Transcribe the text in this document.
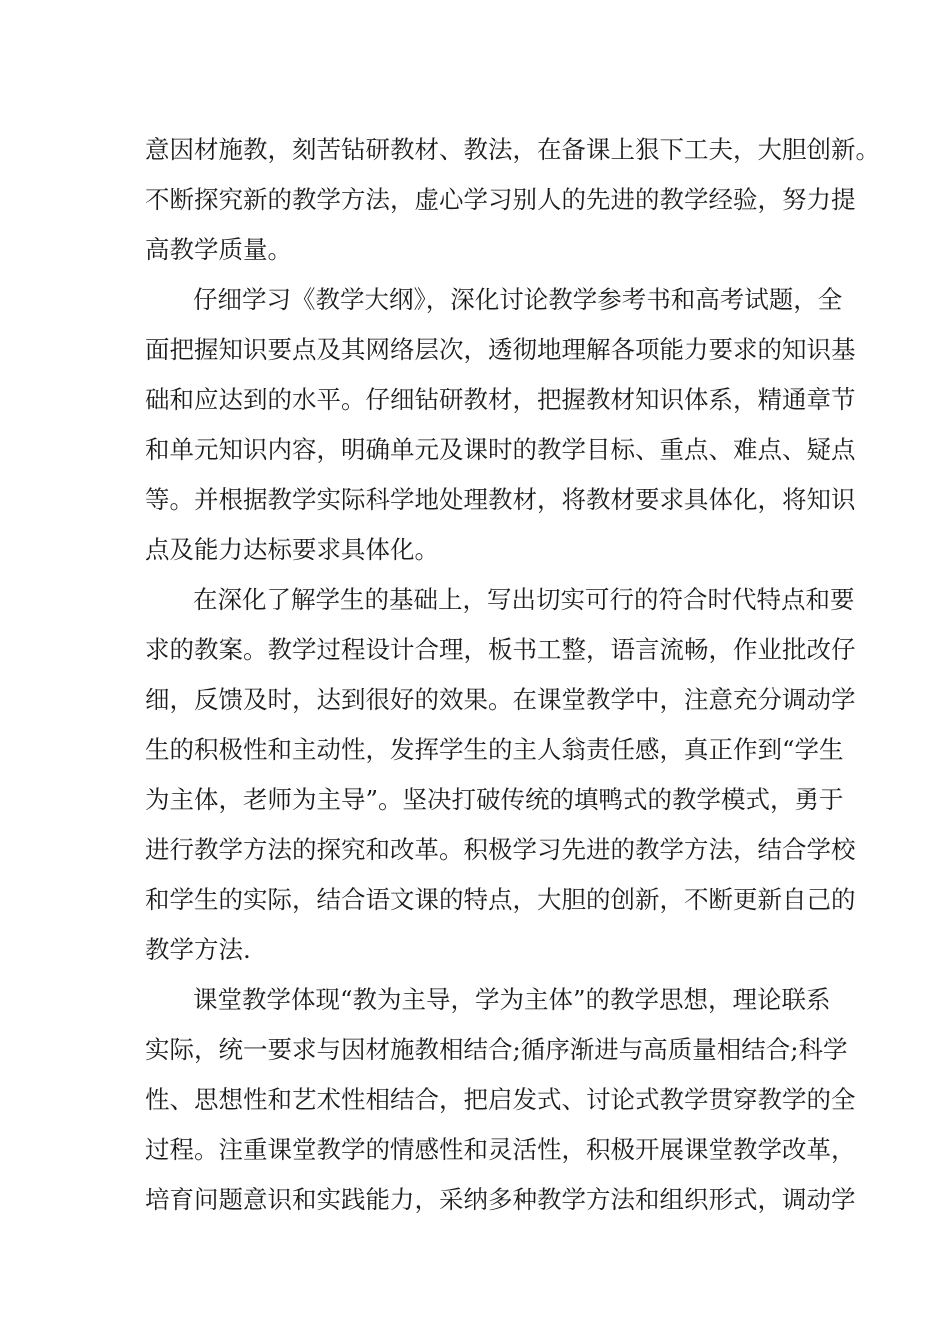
意因材施教，刻苦钻研教材、教法，在备课上狠下工夫，大胆创新。
不断探究新的教学方法，虚心学习别人的先进的教学经验，努力提
高教学质量。
仔细学习《教学大纲》，深化讨论教学参考书和高考试题，全
面把握知识要点及其网络层次，透彻地理解各项能力要求的知识基
础和应达到的水平。仔细钻研教材，把握教材知识体系，精通章节
和单元知识内容，明确单元及课时的教学目标、重点、难点、疑点
等。并根据教学实际科学地处理教材，将教材要求具体化，将知识
点及能力达标要求具体化。
在深化了解学生的基础上，写出切实可行的符合时代特点和要
求的教案。教学过程设计合理，板书工整，语言流畅，作业批改仔
细，反馈及时，达到很好的效果。在课堂教学中，注意充分调动学
生的积极性和主动性，发挥学生的主人翁责任感，真正作到“学生
为主体，老师为主导”。坚决打破传统的填鸭式的教学模式，勇于
进行教学方法的探究和改革。积极学习先进的教学方法，结合学校
和学生的实际，结合语文课的特点，大胆的创新，不断更新自己的
教学方法.
课堂教学体现“教为主导，学为主体”的教学思想，理论联系
实际，统一要求与因材施教相结合;循序渐进与高质量相结合;科学
性、思想性和艺术性相结合，把启发式、讨论式教学贯穿教学的全
过程。注重课堂教学的情感性和灵活性，积极开展课堂教学改革，
培育问题意识和实践能力，采纳多种教学方法和组织形式，调动学
